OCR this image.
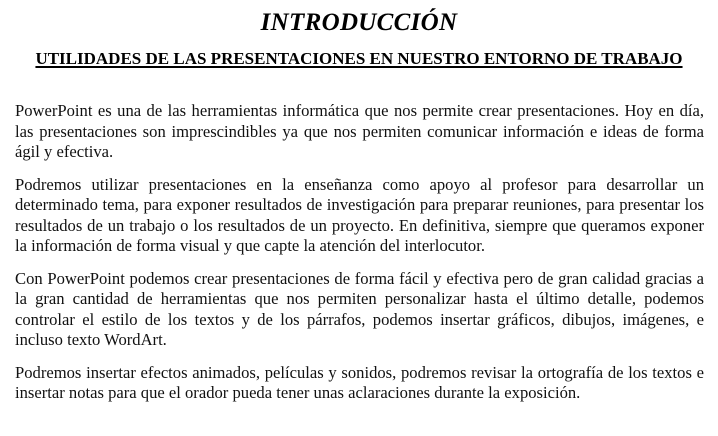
INTRODUCCIÓN
UTILIDADES DE LAS PRESENTACIONES EN NUESTRO ENTORNO DE TRABAJO

PowerPoint es una de las herramientas informática que nos permite crear presentaciones. Hoy en día, las presentaciones son imprescindibles ya que nos permiten comunicar información e ideas de forma ágil y efectiva.

Podremos utilizar presentaciones en la enseñanza como apoyo al profesor para desarrollar un determinado tema, para exponer resultados de investigación para preparar reuniones, para presentar los resultados de un trabajo o los resultados de un proyecto. En definitiva, siempre que queramos exponer la información de forma visual y que capte la atención del interlocutor.

Con PowerPoint podemos crear presentaciones de forma fácil y efectiva pero de gran calidad gracias a la gran cantidad de herramientas que nos permiten personalizar hasta el último detalle, podemos controlar el estilo de los textos y de los párrafos, podemos insertar gráficos, dibujos, imágenes, e incluso texto WordArt.

Podremos insertar efectos animados, películas y sonidos, podremos revisar la ortografía de los textos e insertar notas para que el orador pueda tener unas aclaraciones durante la exposición.
